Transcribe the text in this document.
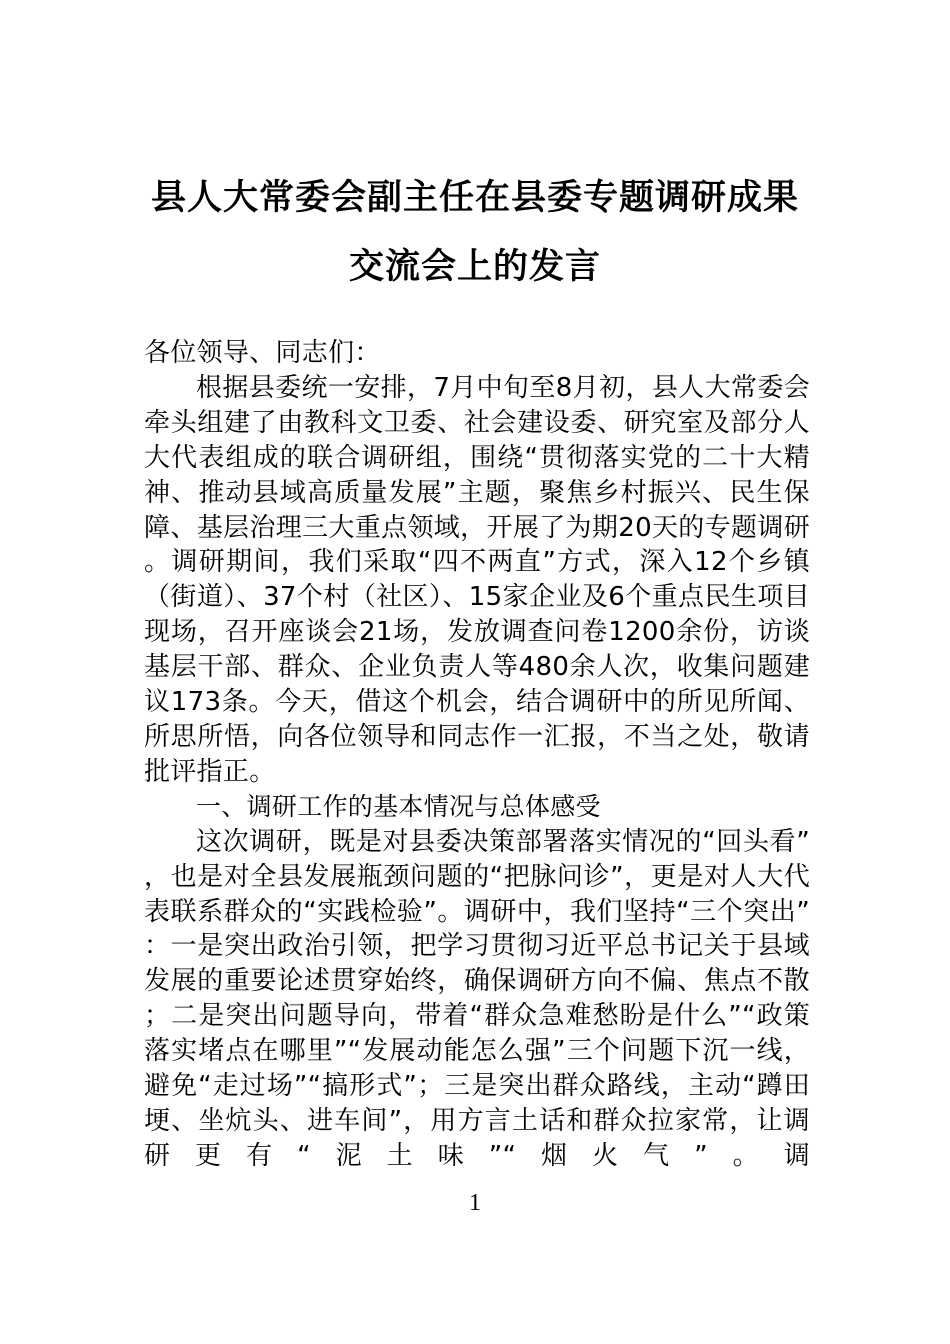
县人大常委会副主任在县委专题调研成果
交流会上的发言

各位领导、同志们：

根据县委统一安排，7月中旬至8月初，县人大常委会牵头组建了由教科文卫委、社会建设委、研究室及部分人大代表组成的联合调研组，围绕“贯彻落实党的二十大精神、推动县域高质量发展”主题，聚焦乡村振兴、民生保障、基层治理三大重点领域，开展了为期20天的专题调研。调研期间，我们采取“四不两直”方式，深入12个乡镇（街道）、37个村（社区）、15家企业及6个重点民生项目现场，召开座谈会21场，发放调查问卷1200余份，访谈基层干部、群众、企业负责人等480余人次，收集问题建议173条。今天，借这个机会，结合调研中的所见所闻、所思所悟，向各位领导和同志作一汇报，不当之处，敬请批评指正。

一、调研工作的基本情况与总体感受

这次调研，既是对县委决策部署落实情况的“回头看”，也是对全县发展瓶颈问题的“把脉问诊”，更是对人大代表联系群众的“实践检验”。调研中，我们坚持“三个突出”：一是突出政治引领，把学习贯彻习近平总书记关于县域发展的重要论述贯穿始终，确保调研方向不偏、焦点不散；二是突出问题导向，带着“群众急难愁盼是什么”“政策落实堵点在哪里”“发展动能怎么强”三个问题下沉一线，避免“走过场”“搞形式”；三是突出群众路线，主动“蹲田埂、坐炕头、进车间”，用方言土话和群众拉家常，让调研更有“泥土味”“烟火气”。调

1
